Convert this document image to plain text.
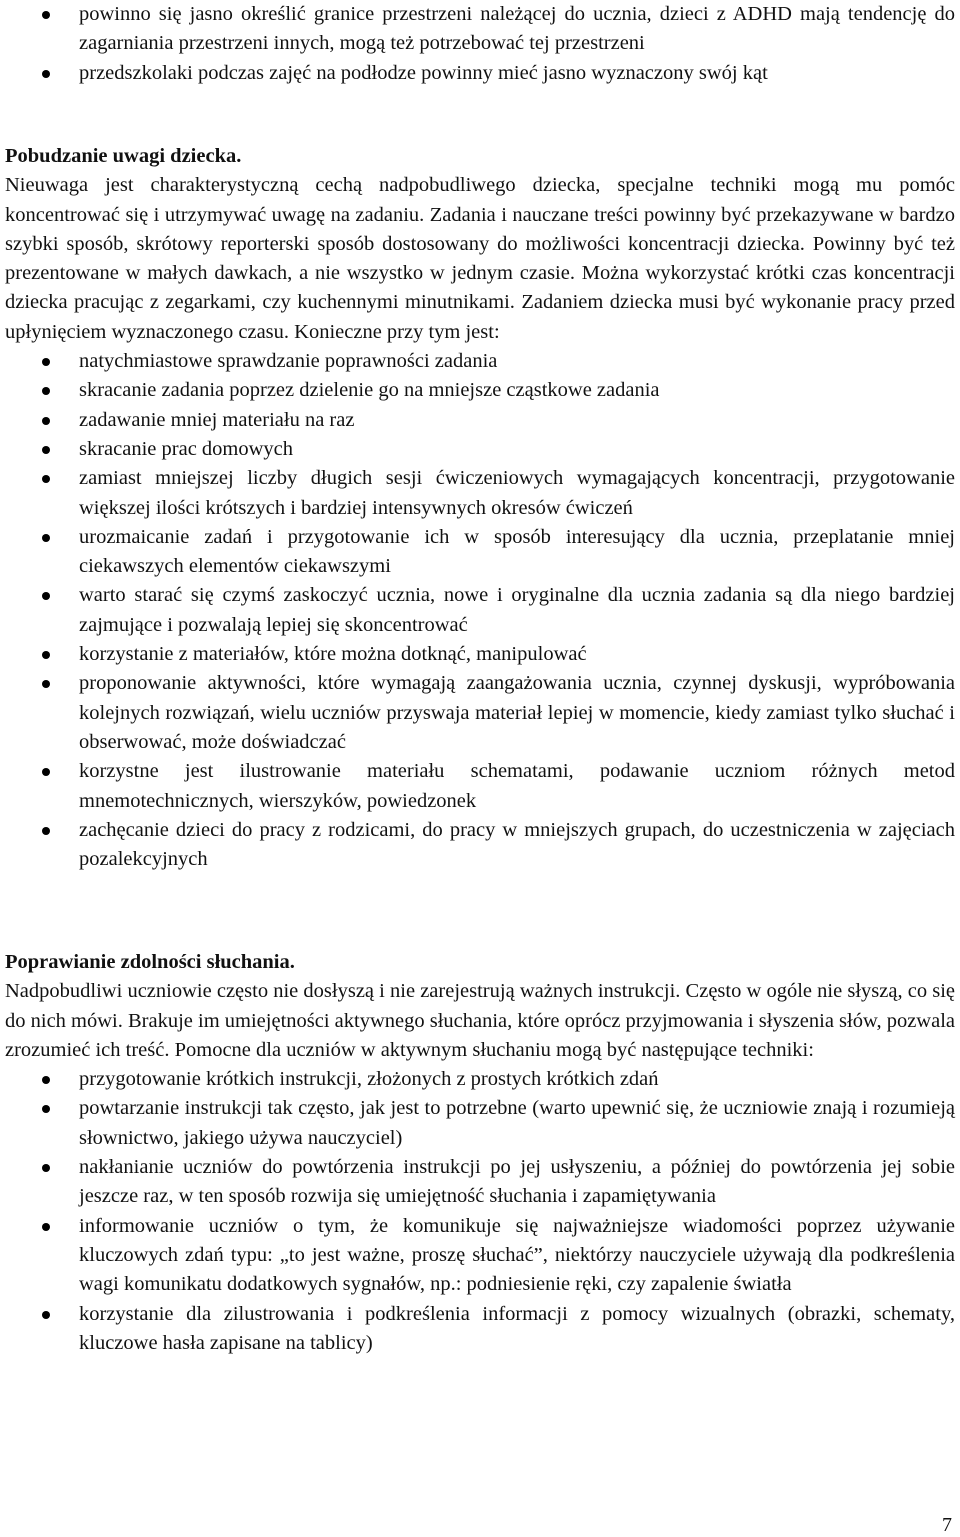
powinno się jasno określić granice przestrzeni należącej do ucznia, dzieci z ADHD mają tendencję do zagarniania przestrzeni innych, mogą też potrzebować tej przestrzeni
przedszkolaki podczas zajęć na podłodze powinny mieć jasno wyznaczony swój kąt

Pobudzanie uwagi dziecka.

Nieuwaga jest charakterystyczną cechą nadpobudliwego dziecka, specjalne techniki mogą mu pomóc koncentrować się i utrzymywać uwagę na zadaniu. Zadania i nauczane treści powinny być przekazywane w bardzo szybki sposób, skrótowy reporterski sposób dostosowany do możliwości koncentracji dziecka. Powinny być też prezentowane w małych dawkach, a nie wszystko w jednym czasie. Można wykorzystać krótki czas koncentracji dziecka pracując z zegarkami, czy kuchennymi minutnikami. Zadaniem dziecka musi być wykonanie pracy przed upłynięciem wyznaczonego czasu. Konieczne przy tym jest:

natychmiastowe sprawdzanie poprawności zadania
skracanie zadania poprzez dzielenie go na mniejsze cząstkowe zadania
zadawanie mniej materiału na raz
skracanie prac domowych
zamiast mniejszej liczby długich sesji ćwiczeniowych wymagających koncentracji, przygotowanie większej ilości krótszych i bardziej intensywnych okresów ćwiczeń
urozmaicanie zadań i przygotowanie ich w sposób interesujący dla ucznia, przeplatanie mniej ciekawszych elementów ciekawszymi
warto starać się czymś zaskoczyć ucznia, nowe i oryginalne dla ucznia zadania są dla niego bardziej zajmujące i pozwalają lepiej się skoncentrować
korzystanie z materiałów, które można dotknąć, manipulować
proponowanie aktywności, które wymagają zaangażowania ucznia, czynnej dyskusji, wypróbowania kolejnych rozwiązań, wielu uczniów przyswaja materiał lepiej w momencie, kiedy zamiast tylko słuchać i obserwować, może doświadczać
korzystne jest ilustrowanie materiału schematami, podawanie uczniom różnych metod mnemotechnicznych, wierszyków, powiedzonek
zachęcanie dzieci do pracy z rodzicami, do pracy w mniejszych grupach, do uczestniczenia w zajęciach pozalekcyjnych

Poprawianie zdolności słuchania.

Nadpobudliwi uczniowie często nie dosłyszą i nie zarejestrują ważnych instrukcji. Często w ogóle nie słyszą, co się do nich mówi. Brakuje im umiejętności aktywnego słuchania, które oprócz przyjmowania i słyszenia słów, pozwala zrozumieć ich treść. Pomocne dla uczniów w aktywnym słuchaniu mogą być następujące techniki:

przygotowanie krótkich instrukcji, złożonych z prostych krótkich zdań
powtarzanie instrukcji tak często, jak jest to potrzebne (warto upewnić się, że uczniowie znają i rozumieją słownictwo, jakiego używa nauczyciel)
nakłanianie uczniów do powtórzenia instrukcji po jej usłyszeniu, a później do powtórzenia jej sobie jeszcze raz, w ten sposób rozwija się umiejętność słuchania i zapamiętywania
informowanie uczniów o tym, że komunikuje się najważniejsze wiadomości poprzez używanie kluczowych zdań typu: „to jest ważne, proszę słuchać”, niektórzy nauczyciele używają dla podkreślenia wagi komunikatu dodatkowych sygnałów, np.: podniesienie ręki, czy zapalenie światła
korzystanie dla zilustrowania i podkreślenia informacji z pomocy wizualnych (obrazki, schematy, kluczowe hasła zapisane na tablicy)
7
